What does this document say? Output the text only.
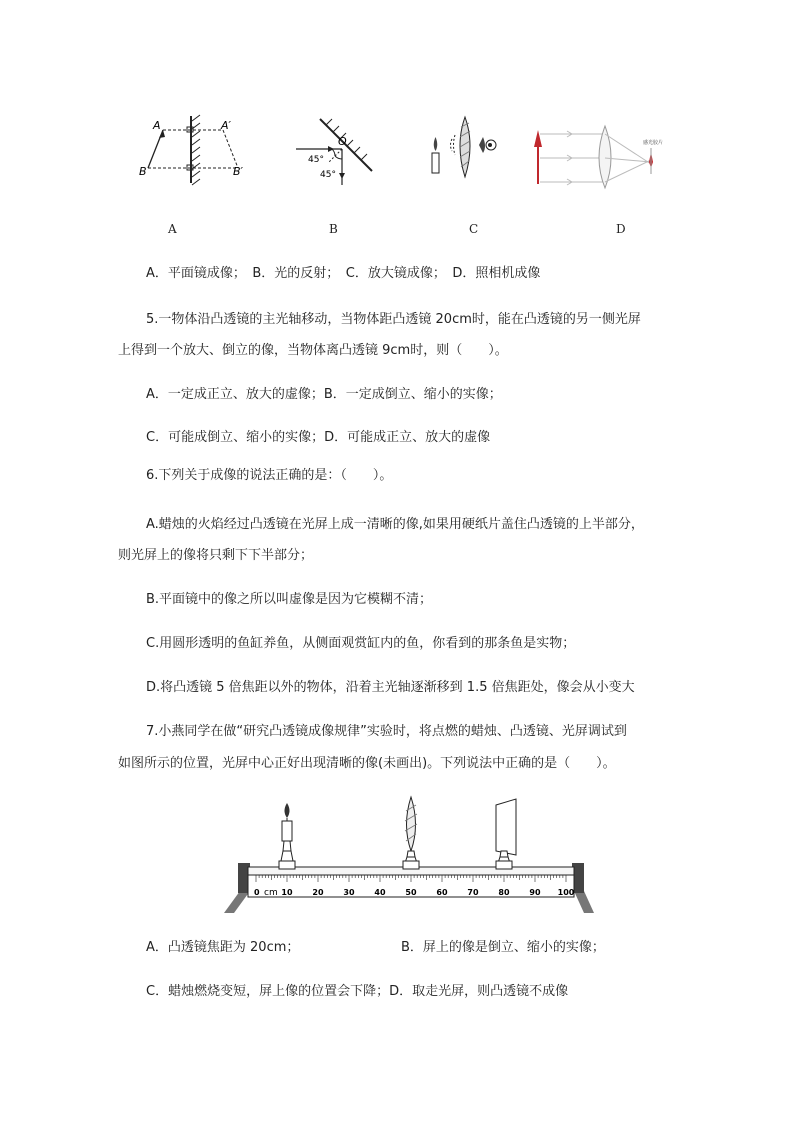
A
B
A′
B′
A
O
45°
45°
B	C
感光胶片
D
A．平面镜成像；　B．光的反射；　C．放大镜成像；　D．照相机成像
5.一物体沿凸透镜的主光轴移动，当物体距凸透镜 20cm时，能在凸透镜的另一侧光屏
上得到一个放大、倒立的像，当物体离凸透镜 9cm时，则（　　）。
A．一定成正立、放大的虚像；B．一定成倒立、缩小的实像；
C．可能成倒立、缩小的实像；D．可能成正立、放大的虚像
6.下列关于成像的说法正确的是：（　　）。
A.蜡烛的火焰经过凸透镜在光屏上成一清晰的像,如果用硬纸片盖住凸透镜的上半部分，
则光屏上的像将只剩下下半部分；
B.平面镜中的像之所以叫虚像是因为它模糊不清；
C.用圆形透明的鱼缸养鱼，从侧面观赏缸内的鱼，你看到的那条鱼是实物；
D.将凸透镜 5 倍焦距以外的物体，沿着主光轴逐渐移到 1.5 倍焦距处，像会从小变大
7.小燕同学在做“研究凸透镜成像规律”实验时，将点燃的蜡烛、凸透镜、光屏调试到
如图所示的位置，光屏中心正好出现清晰的像(未画出)。下列说法中正确的是（　　）。
10 20 30 40 50 60 70 80 90 100
0 cm
A．凸透镜焦距为 20cm；	B．屏上的像是倒立、缩小的实像；
C．蜡烛燃烧变短，屏上像的位置会下降；D．取走光屏，则凸透镜不成像
